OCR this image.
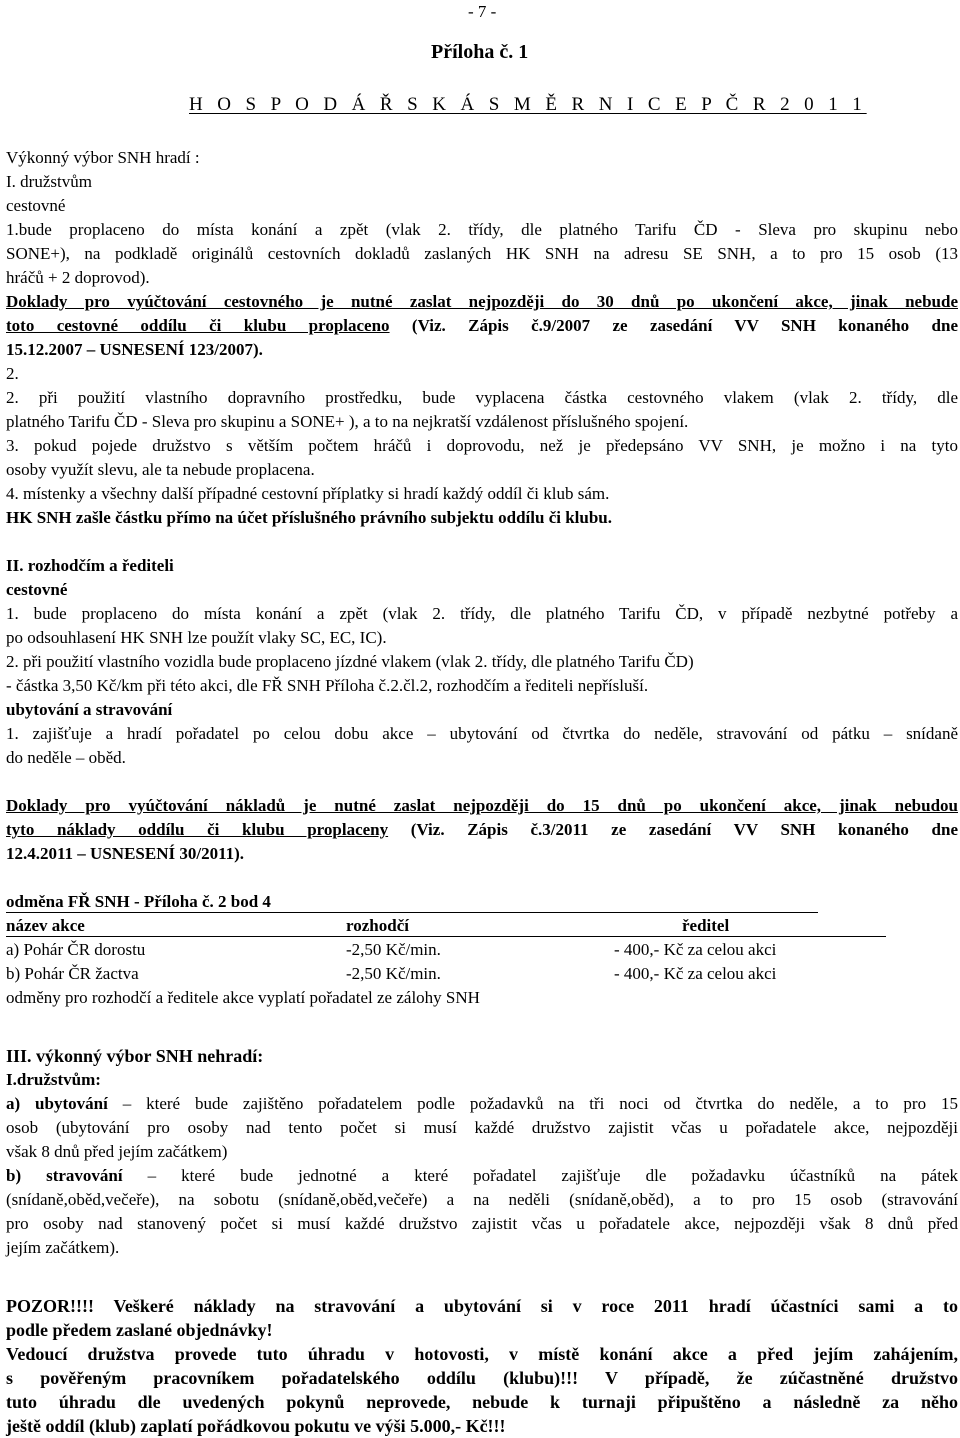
- 7 -
Příloha č. 1
H O S P O D Á Ř S K Á S M Ě R N I C E P Č R 2 0 1 1
Výkonný výbor SNH hradí :
I. družstvům
cestovné
1.bude proplaceno do místa konání a zpět (vlak 2. třídy, dle platného Tarifu ČD - Sleva pro skupinu nebo
SONE+), na podkladě originálů cestovních dokladů zaslaných HK SNH na adresu SE SNH, a to pro 15 osob (13
hráčů + 2 doprovod).
Doklady pro vyúčtování cestovného je nutné zaslat nejpozději do 30 dnů po ukončení akce, jinak nebude
toto cestovné oddílu či klubu proplaceno (Viz. Zápis č.9/2007 ze zasedání VV SNH konaného dne
15.12.2007 – USNESENÍ 123/2007).
2.
2. při použití vlastního dopravního prostředku, bude vyplacena částka cestovného vlakem (vlak 2. třídy, dle
platného Tarifu ČD - Sleva pro skupinu a SONE+ ), a to na nejkratší vzdálenost příslušného spojení.
3. pokud pojede družstvo s větším počtem hráčů i doprovodu, než je předepsáno VV SNH, je možno i na tyto
osoby využít slevu, ale ta nebude proplacena.
4. místenky a všechny další případné cestovní příplatky si hradí každý oddíl či klub sám.
HK SNH zašle částku přímo na účet příslušného právního subjektu oddílu či klubu.
II. rozhodčím a řediteli
cestovné
1. bude proplaceno do místa konání a zpět (vlak 2. třídy, dle platného Tarifu ČD, v případě nezbytné potřeby a
po odsouhlasení HK SNH lze použít vlaky SC, EC, IC).
2. při použití vlastního vozidla bude proplaceno jízdné vlakem (vlak 2. třídy, dle platného Tarifu ČD)
- částka 3,50 Kč/km při této akci, dle FŘ SNH Příloha č.2.čl.2, rozhodčím a řediteli nepřísluší.
ubytování a stravování
1. zajišťuje a hradí pořadatel po celou dobu akce – ubytování od čtvrtka do neděle, stravování od pátku – snídaně
do neděle – oběd.
Doklady pro vyúčtování nákladů je nutné zaslat nejpozději do 15 dnů po ukončení akce, jinak nebudou
tyto náklady oddílu či klubu proplaceny (Viz. Zápis č.3/2011 ze zasedání VV SNH konaného dne
12.4.2011 – USNESENÍ 30/2011).
odměna FŘ SNH - Příloha č. 2 bod 4
název akce	rozhodčí	ředitel
a) Pohár ČR dorostu	-2,50 Kč/min.	- 400,- Kč za celou akci
b) Pohár ČR žactva	-2,50 Kč/min.	- 400,- Kč za celou akci
odměny pro rozhodčí a ředitele akce vyplatí pořadatel ze zálohy SNH
III. výkonný výbor SNH nehradí:
I.družstvům:
a) ubytování – které bude zajištěno pořadatelem podle požadavků na tři noci od čtvrtka do neděle, a to pro 15
osob (ubytování pro osoby nad tento počet si musí každé družstvo zajistit včas u pořadatele akce, nejpozději
však 8 dnů před jejím začátkem)
b) stravování – které bude jednotné a které pořadatel zajišťuje dle požadavku účastníků na pátek
(snídaně,oběd,večeře), na sobotu (snídaně,oběd,večeře) a na neděli (snídaně,oběd), a to pro 15 osob (stravování
pro osoby nad stanovený počet si musí každé družstvo zajistit včas u pořadatele akce, nejpozději však 8 dnů před
jejím začátkem).
POZOR!!!! Veškeré náklady na stravování a ubytování si v roce 2011 hradí účastníci sami a to
podle předem zaslané objednávky!
Vedoucí družstva provede tuto úhradu v hotovosti, v místě konání akce a před jejím zahájením,
s pověřeným pracovníkem pořadatelského oddílu (klubu)!!! V případě, že zúčastněné družstvo
tuto úhradu dle uvedených pokynů neprovede, nebude k turnaji připuštěno a následně za něho
ještě oddíl (klub) zaplatí pořádkovou pokutu ve výši 5.000,- Kč!!!
